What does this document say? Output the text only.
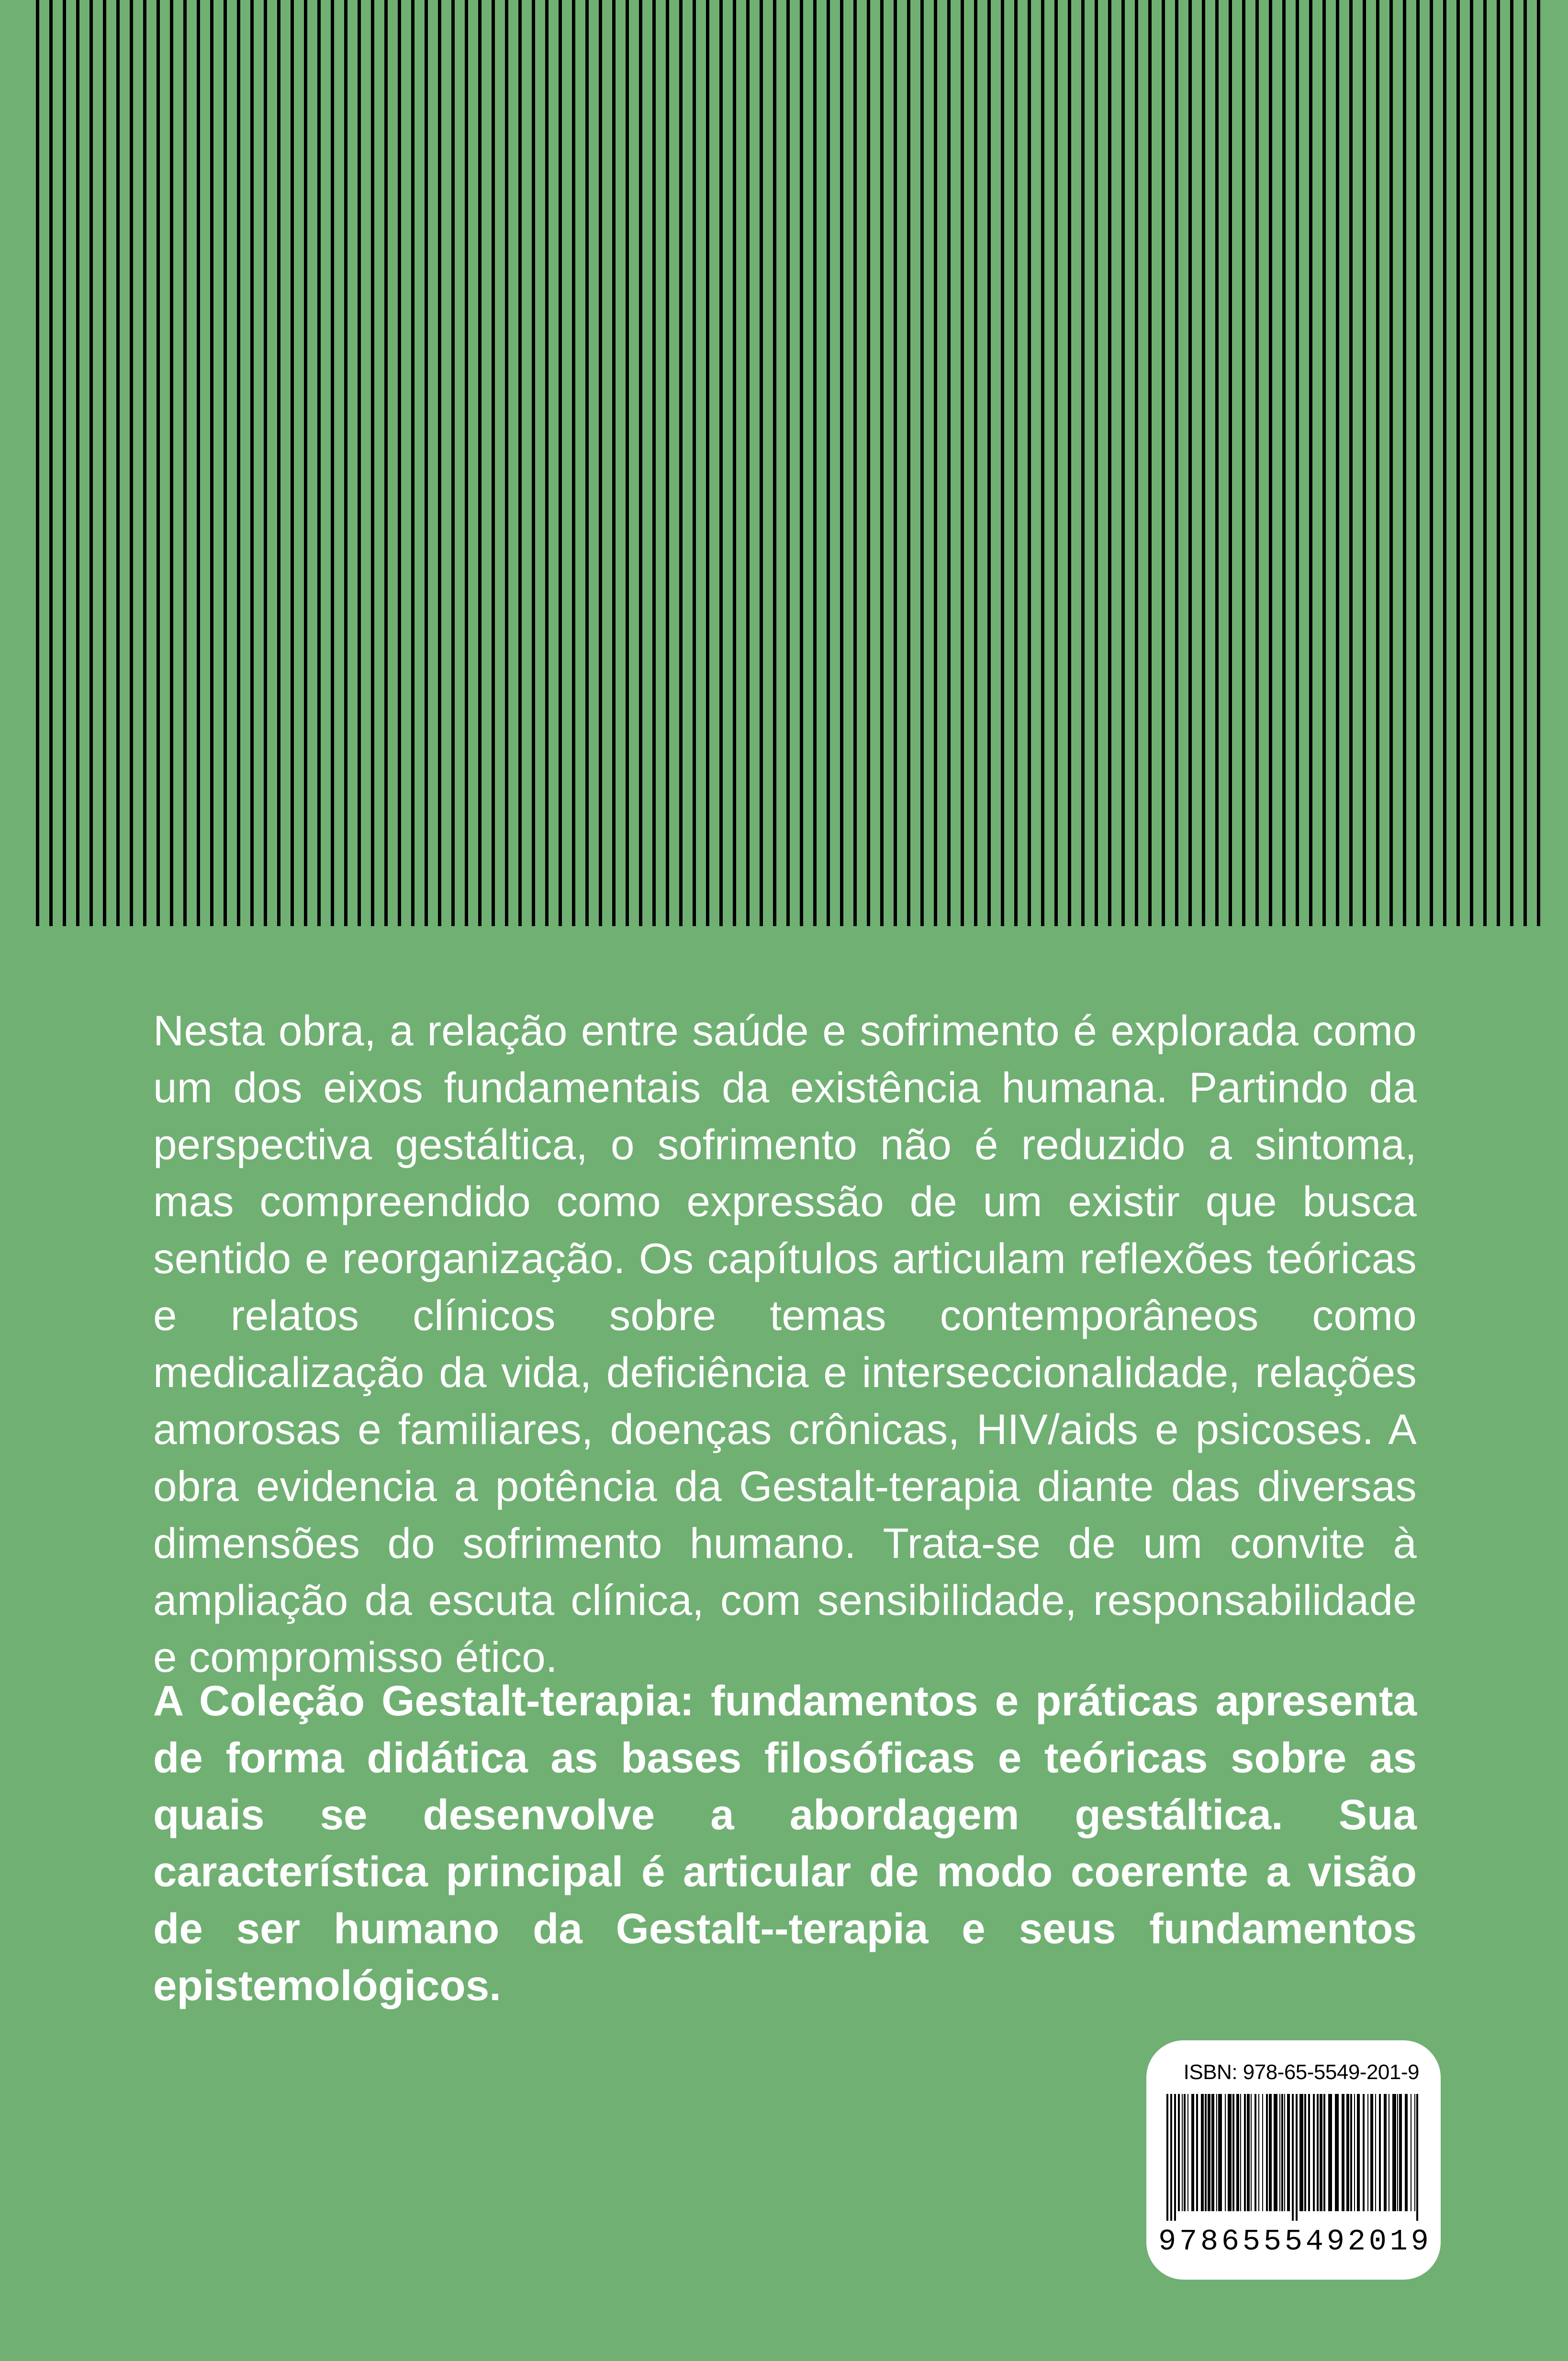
Nesta obra, a relação entre saúde e sofrimento é explorada como um dos eixos fundamentais da existência humana. Partindo da perspectiva gestáltica, o sofrimento não é reduzido a sintoma, mas compreendido como expressão de um existir que busca sentido e reorganização. Os capítulos articulam reflexões teóricas e relatos clínicos sobre temas contemporâneos como medicalização da vida, deficiência e interseccionalidade, relações amorosas e familiares, doenças crônicas, HIV/aids e psicoses. A obra evidencia a potência da Gestalt-terapia diante das diversas dimensões do sofrimento humano. Trata-se de um convite à ampliação da escuta clínica, com sensibilidade, responsabilidade e compromisso ético.

A Coleção Gestalt-terapia: fundamentos e práticas apresenta de forma didática as bases filosóficas e teóricas sobre as quais se desenvolve a abordagem gestáltica. Sua característica principal é articular de modo coerente a visão de ser humano da Gestalt-​-terapia e seus fundamentos epistemológicos.

ISBN: 978-65-5549-201-9
9 7 8 6 5 5 5 4 9 2 0 1 9
